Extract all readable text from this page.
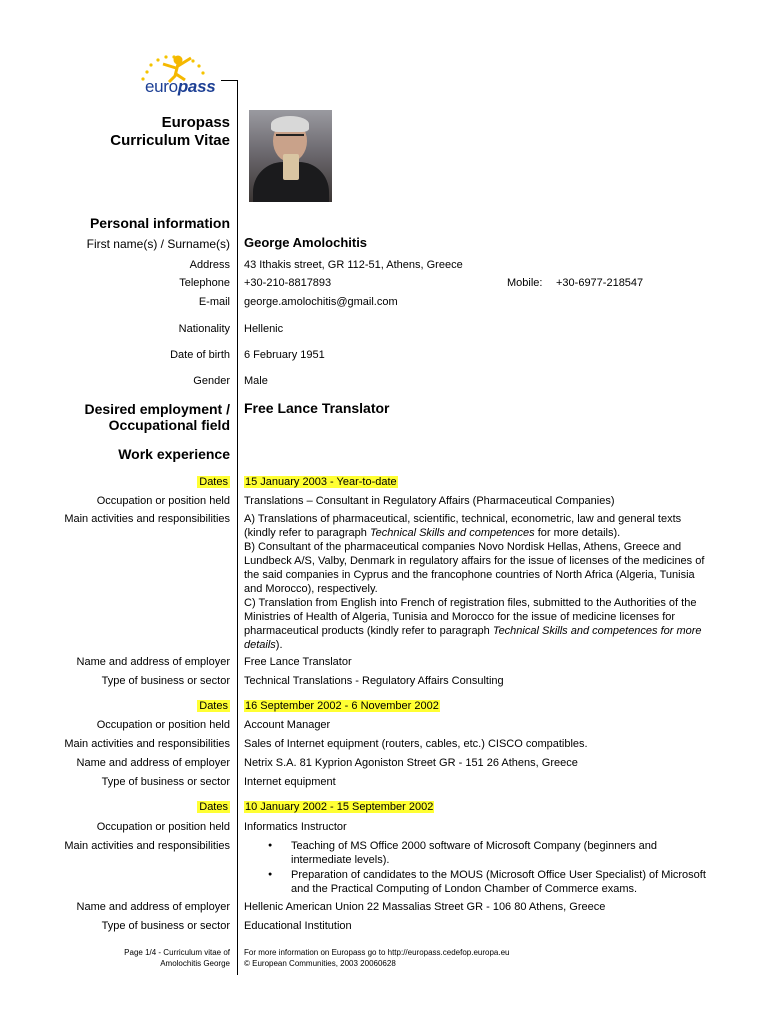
europass
Europass
Curriculum Vitae
Personal information
First name(s) / Surname(s) George Amolochitis
Address 43 Ithakis street, GR 112-51, Athens, Greece
Telephone +30-210-8817893	Mobile: +30-6977-218547
E-mail george.amolochitis@gmail.com
Nationality Hellenic
Date of birth 6 February 1951
Gender Male
Desired employment /
Occupational field
Free Lance Translator
Work experience
Dates 15 January 2003 - Year-to-date
Occupation or position held Translations – Consultant in Regulatory Affairs (Pharmaceutical Companies)
Main activities and responsibilities A) Translations of pharmaceutical, scientific, technical, econometric, law and general texts (kindly refer to paragraph Technical Skills and competences for more details).
B) Consultant of the pharmaceutical companies Novo Nordisk Hellas, Athens, Greece and Lundbeck A/S, Valby, Denmark in regulatory affairs for the issue of licenses of the medicines of the said companies in Cyprus and the francophone countries of North Africa (Algeria, Tunisia and Morocco), respectively.
C) Translation from English into French of registration files, submitted to the Authorities of the Ministries of Health of Algeria, Tunisia and Morocco for the issue of medicine licenses for pharmaceutical products (kindly refer to paragraph Technical Skills and competences for more details).
Name and address of employer Free Lance Translator
Type of business or sector Technical Translations - Regulatory Affairs Consulting
Dates 16 September 2002 - 6 November 2002
Occupation or position held Account Manager
Main activities and responsibilities Sales of Internet equipment (routers, cables, etc.) CISCO compatibles.
Name and address of employer Netrix S.A. 81 Kyprion Agoniston Street GR - 151 26 Athens, Greece
Type of business or sector Internet equipment
Dates 10 January 2002 - 15 September 2002
Occupation or position held Informatics Instructor
Main activities and responsibilities
●	Teaching of MS Office 2000 software of Microsoft Company (beginners and intermediate levels).
● Preparation of candidates to the MOUS (Microsoft Office User Specialist) of Microsoft and the Practical Computing of London Chamber of Commerce exams.
Name and address of employer Hellenic American Union 22 Massalias Street GR - 106 80 Athens, Greece
Type of business or sector Educational Institution
Page 1/4 - Curriculum vitae of
Amolochitis George
For more information on Europass go to http://europass.cedefop.europa.eu
© European Communities, 2003 20060628
